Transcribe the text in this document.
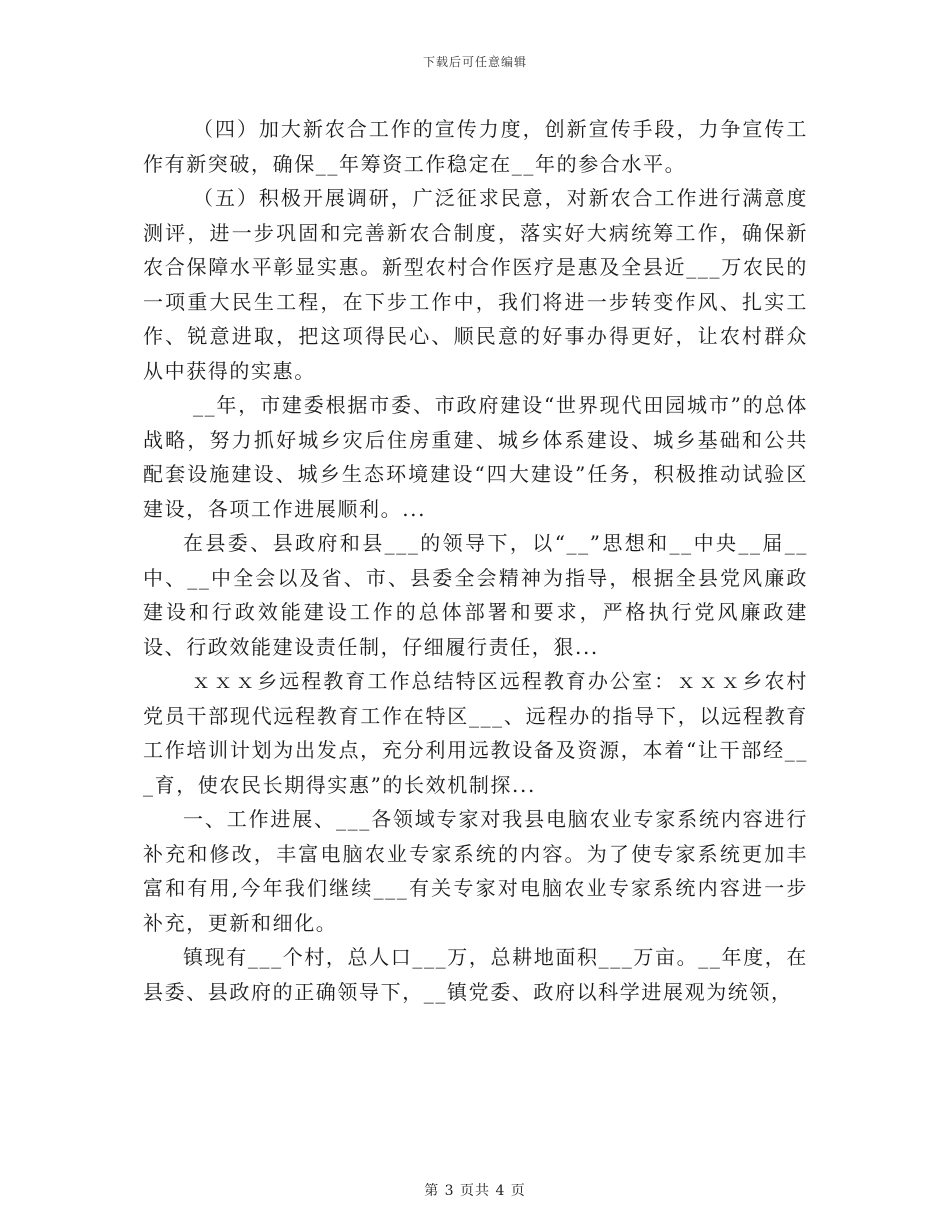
下载后可任意编辑

（四）加大新农合工作的宣传力度，创新宣传手段，力争宣传工作有新突破，确保__年筹资工作稳定在__年的参合水平。

（五）积极开展调研，广泛征求民意，对新农合工作进行满意度测评，进一步巩固和完善新农合制度，落实好大病统筹工作，确保新农合保障水平彰显实惠。新型农村合作医疗是惠及全县近___万农民的一项重大民生工程，在下步工作中，我们将进一步转变作风、扎实工作、锐意进取，把这项得民心、顺民意的好事办得更好，让农村群众从中获得的实惠。

__年，市建委根据市委、市政府建设“世界现代田园城市”的总体战略，努力抓好城乡灾后住房重建、城乡体系建设、城乡基础和公共配套设施建设、城乡生态环境建设“四大建设”任务，积极推动试验区建设，各项工作进展顺利。...

在县委、县政府和县___的领导下，以“__”思想和__中央__届__中、__中全会以及省、市、县委全会精神为指导，根据全县党风廉政建设和行政效能建设工作的总体部署和要求，严格执行党风廉政建设、行政效能建设责任制，仔细履行责任，狠...

ｘｘｘ乡远程教育工作总结特区远程教育办公室：ｘｘｘ乡农村党员干部现代远程教育工作在特区___、远程办的指导下，以远程教育工作培训计划为出发点，充分利用远教设备及资源，本着“让干部经___育，使农民长期得实惠”的长效机制探...

一、工作进展、___各领域专家对我县电脑农业专家系统内容进行补充和修改，丰富电脑农业专家系统的内容。为了使专家系统更加丰富和有用,今年我们继续___有关专家对电脑农业专家系统内容进一步补充，更新和细化。

镇现有___个村，总人口___万，总耕地面积___万亩。__年度，在县委、县政府的正确领导下，__镇党委、政府以科学进展观为统领，

第 3 页共 4 页
